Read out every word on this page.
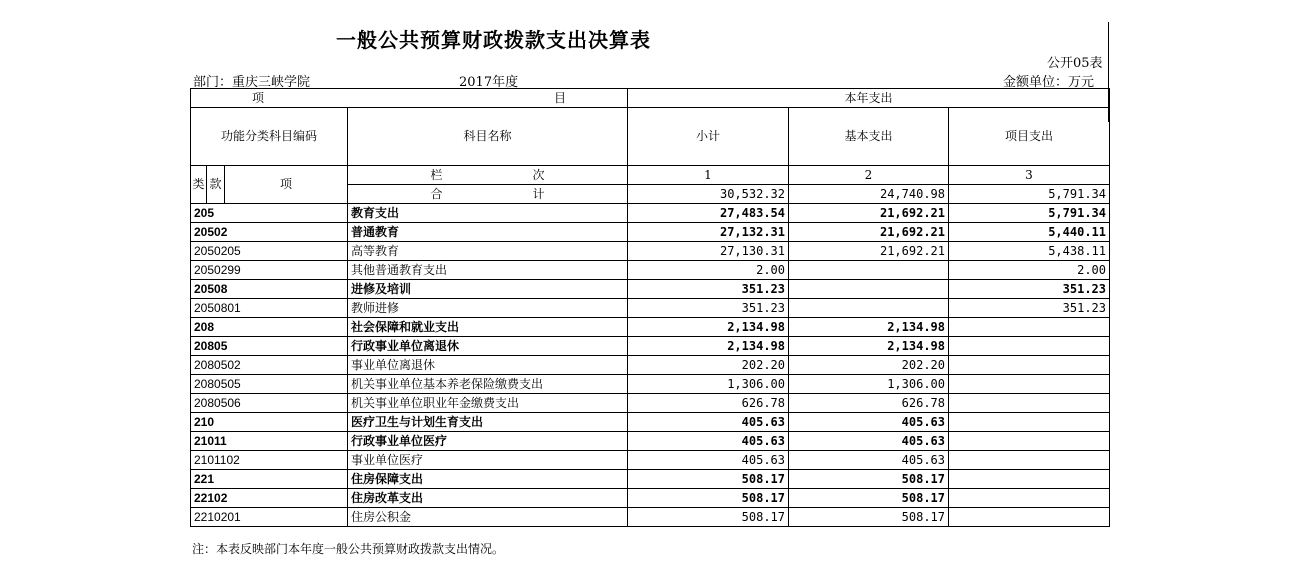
一般公共预算财政拨款支出决算表
公开05表
部门：重庆三峡学院	2017年度	金额单位：万元
项 目				本年支出		
功能分类科目编码			科目名称	小计	基本支出	项目支出
类	款	项	栏 次	1	2	3
			合 计	30,532.32	24,740.98	5,791.34
205			教育支出	27,483.54	21,692.21	5,791.34
20502			普通教育	27,132.31	21,692.21	5,440.11
2050205			高等教育	27,130.31	21,692.21	5,438.11
2050299			其他普通教育支出	2.00		2.00
20508			进修及培训	351.23		351.23
2050801			教师进修	351.23		351.23
208			社会保障和就业支出	2,134.98	2,134.98	
20805			行政事业单位离退休	2,134.98	2,134.98	
2080502			事业单位离退休	202.20	202.20	
2080505			机关事业单位基本养老保险缴费支出	1,306.00	1,306.00	
2080506			机关事业单位职业年金缴费支出	626.78	626.78	
210			医疗卫生与计划生育支出	405.63	405.63	
21011			行政事业单位医疗	405.63	405.63	
2101102			事业单位医疗	405.63	405.63	
221			住房保障支出	508.17	508.17	
22102			住房改革支出	508.17	508.17	
2210201			住房公积金	508.17	508.17	
注：本表反映部门本年度一般公共预算财政拨款支出情况。
